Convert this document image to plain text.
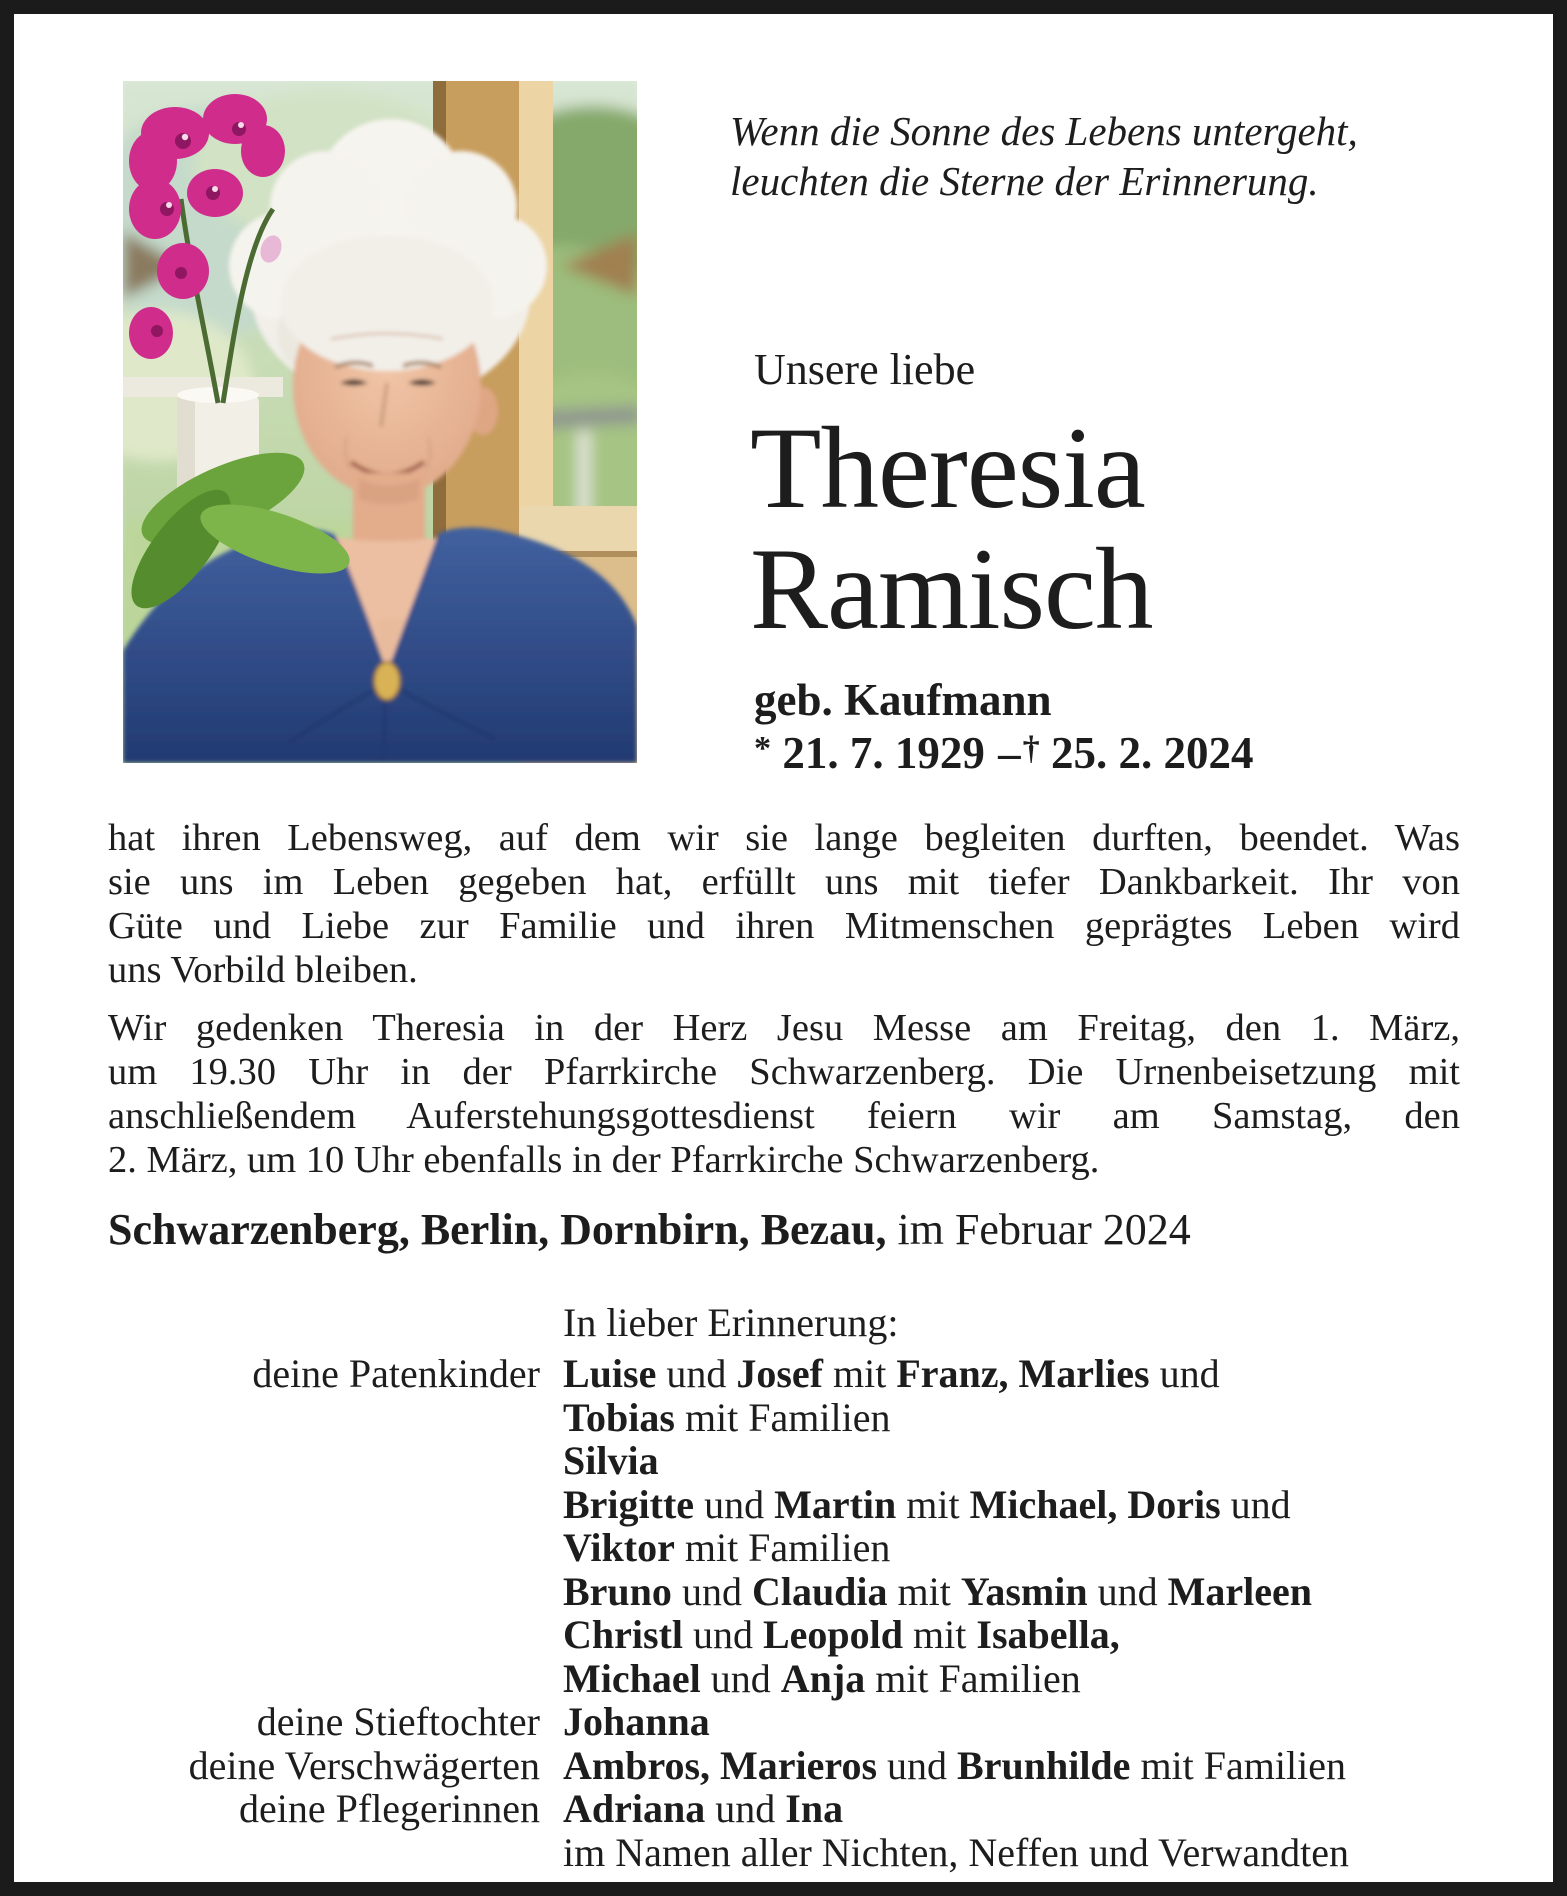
Wenn die Sonne des Lebens untergeht,
leuchten die Sterne der Erinnerung.
Unsere liebe
Theresia
Ramisch
geb. Kaufmann
* 21. 7. 1929 –† 25. 2. 2024
hat ihren Lebensweg, auf dem wir sie lange begleiten durften, beendet. Was
sie uns im Leben gegeben hat, erfüllt uns mit tiefer Dankbarkeit. Ihr von
Güte und Liebe zur Familie und ihren Mitmenschen geprägtes Leben wird
uns Vorbild bleiben.
Wir gedenken Theresia in der Herz Jesu Messe am Freitag, den 1. März,
um 19.30 Uhr in der Pfarrkirche Schwarzenberg. Die Urnenbeisetzung mit
anschließendem Auferstehungsgottesdienst feiern wir am Samstag, den
2. März, um 10 Uhr ebenfalls in der Pfarrkirche Schwarzenberg.
Schwarzenberg, Berlin, Dornbirn, Bezau, im Februar 2024
In lieber Erinnerung:
deine Patenkinder Luise und Josef mit Franz, Marlies und
Tobias mit Familien
Silvia
Brigitte und Martin mit Michael, Doris und
Viktor mit Familien
Bruno und Claudia mit Yasmin und Marleen
Christl und Leopold mit Isabella,
Michael und Anja mit Familien
deine Stieftochter Johanna
deine Verschwägerten Ambros, Marieros und Brunhilde mit Familien
deine Pflegerinnen Adriana und Ina
im Namen aller Nichten, Neffen und Verwandten
